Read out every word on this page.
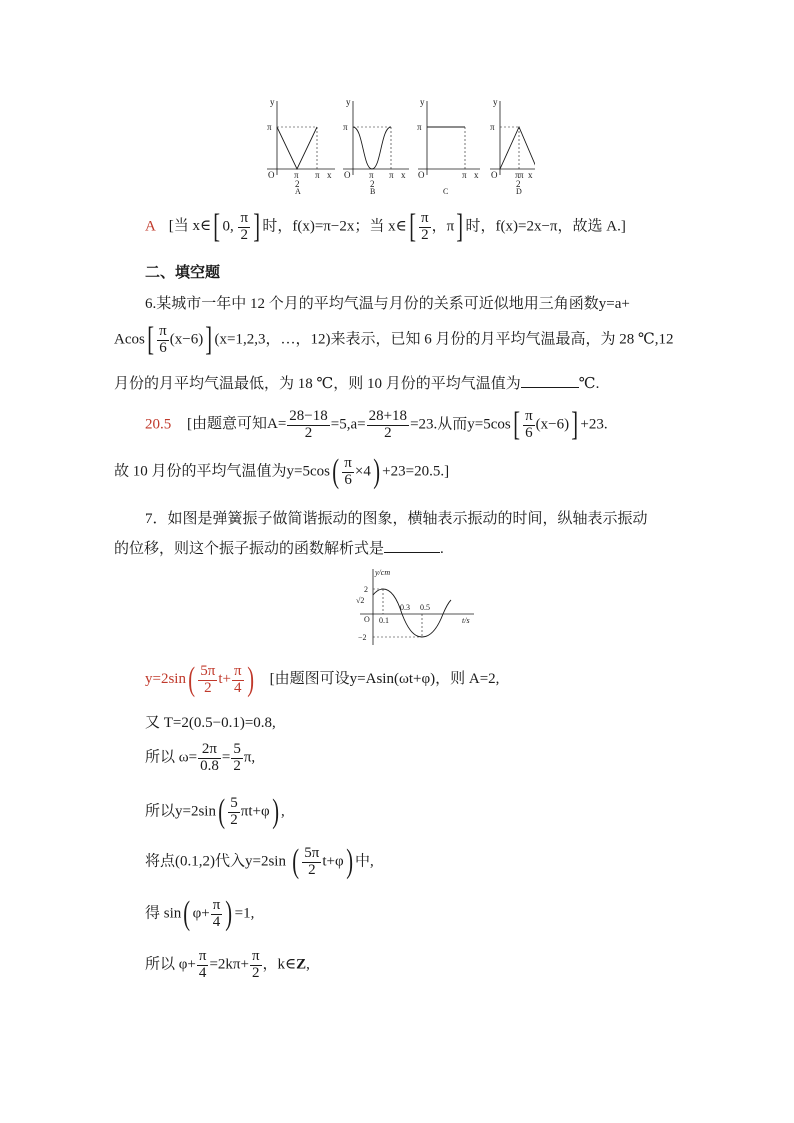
y
x
O
π
π
2
π
A
y
x
O
π
π
2
π
B
y
x
O
π
π
C
y
x
O
π
π
2
π
D
A [当 x∈[ 0, $\frac{\pi}{2}$ ] 时，f(x)=π−2x；当 x∈[ $\frac{\pi}{2}$ ，π] 时，f(x)=2x−π，故选 A.]
二、填空题
6.某城市一年中 12 个月的平均气温与月份的关系可近似地用三角函数y=a+
$Acos[ \frac{\pi}{6} (x-6)]$ (x=1,2,3，…，12)来表示，已知 6 月份的月平均气温最高，为 28 ℃,12
月份的月平均气温最低，为 18 ℃，则 10 月份的平均气温值为	℃.
20.5 [由题意可知$A= \frac{28-18}{2} =5,a= \frac{28+18}{2} =23$.从而$y=5\cos[ \frac{\pi}{6} (x-6)] +23$.
故 10 月份的平均气温值为$y=5\cos( \frac{\pi}{6} \times 4) +23=20.5$.]
7．如图是弹簧振子做简谐振动的图象，横轴表示振动的时间，纵轴表示振动
的位移，则这个振子振动的函数解析式是	.
y/cm
t/s
2
√2
O 0.1
0.3 0.5
−2
$y=2\sin( \frac{5\pi}{2} t+ \frac{\pi}{4}$ ) [由题图可设y=Asin(ωt+φ)，则 A=2,
又 T=2(0.5−0.1)=0.8,
所以 $\omega= \frac{2\pi}{0.8} = \frac{5}{2} \pi$,
所以$y=2\sin( \frac{5}{2} \pi t+\varphi)$ ,
将点(0.1,2)代入y=2sin ( $\frac{5\pi}{2} t+\varphi$) 中,
得 sin( $\varphi+ \frac{\pi}{4}$ ) =1,
所以 $\varphi+ \frac{\pi}{4} =2k\pi+ \frac{\pi}{2}$ ，k∈Z,
